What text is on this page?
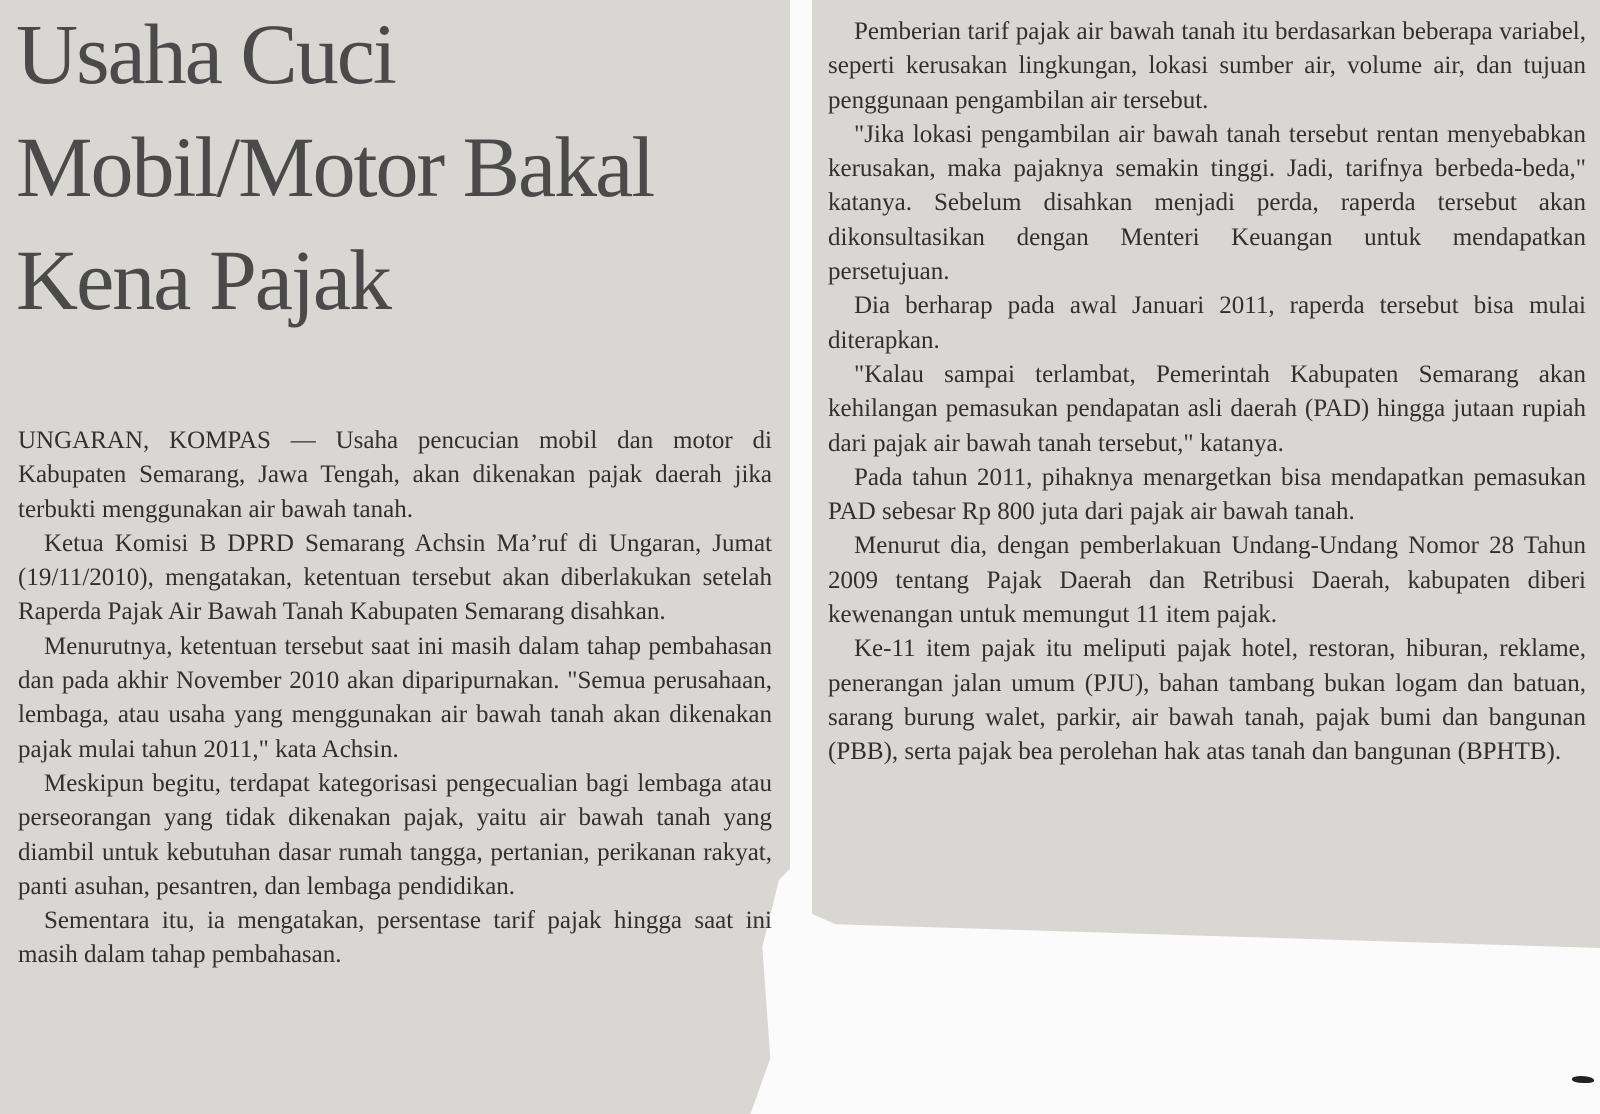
Usaha Cuci
Mobil/Motor Bakal
Kena Pajak

UNGARAN, KOMPAS — Usaha pencucian mobil dan motor di Kabupaten Semarang, Jawa Tengah, akan dikenakan pajak daerah jika terbukti menggunakan air bawah tanah.

Ketua Komisi B DPRD Semarang Achsin Ma’ruf di Ungaran, Jumat (19/11/2010), mengatakan, ketentuan tersebut akan diberlakukan setelah Raperda Pajak Air Bawah Tanah Kabupaten Semarang disahkan.

Menurutnya, ketentuan tersebut saat ini masih dalam tahap pembahasan dan pada akhir November 2010 akan diparipurnakan. "Semua perusahaan, lembaga, atau usaha yang menggunakan air bawah tanah akan dikenakan pajak mulai tahun 2011," kata Achsin.

Meskipun begitu, terdapat kategorisasi pengecualian bagi lembaga atau perseorangan yang tidak dikenakan pajak, yaitu air bawah tanah yang diambil untuk kebutuhan dasar rumah tangga, pertanian, perikanan rakyat, panti asuhan, pesantren, dan lembaga pendidikan.

Sementara itu, ia mengatakan, persentase tarif pajak hingga saat ini masih dalam tahap pembahasan.

Pemberian tarif pajak air bawah tanah itu berdasarkan beberapa variabel, seperti kerusakan lingkungan, lokasi sumber air, volume air, dan tujuan penggunaan pengambilan air tersebut.

"Jika lokasi pengambilan air bawah tanah tersebut rentan menyebabkan kerusakan, maka pajaknya semakin tinggi. Jadi, tarifnya berbeda-beda," katanya. Sebelum disahkan menjadi perda, raperda tersebut akan dikonsultasikan dengan Menteri Keuangan untuk mendapatkan persetujuan.

Dia berharap pada awal Januari 2011, raperda tersebut bisa mulai diterapkan.

"Kalau sampai terlambat, Pemerintah Kabupaten Semarang akan kehilangan pemasukan pendapatan asli daerah (PAD) hingga jutaan rupiah dari pajak air bawah tanah tersebut," katanya.

Pada tahun 2011, pihaknya menargetkan bisa mendapatkan pemasukan PAD sebesar Rp 800 juta dari pajak air bawah tanah.

Menurut dia, dengan pemberlakuan Undang-Undang Nomor 28 Tahun 2009 tentang Pajak Daerah dan Retribusi Daerah, kabupaten diberi kewenangan untuk memungut 11 item pajak.

Ke-11 item pajak itu meliputi pajak hotel, restoran, hiburan, reklame, penerangan jalan umum (PJU), bahan tambang bukan logam dan batuan, sarang burung walet, parkir, air bawah tanah, pajak bumi dan bangunan (PBB), serta pajak bea perolehan hak atas tanah dan bangunan (BPHTB).
